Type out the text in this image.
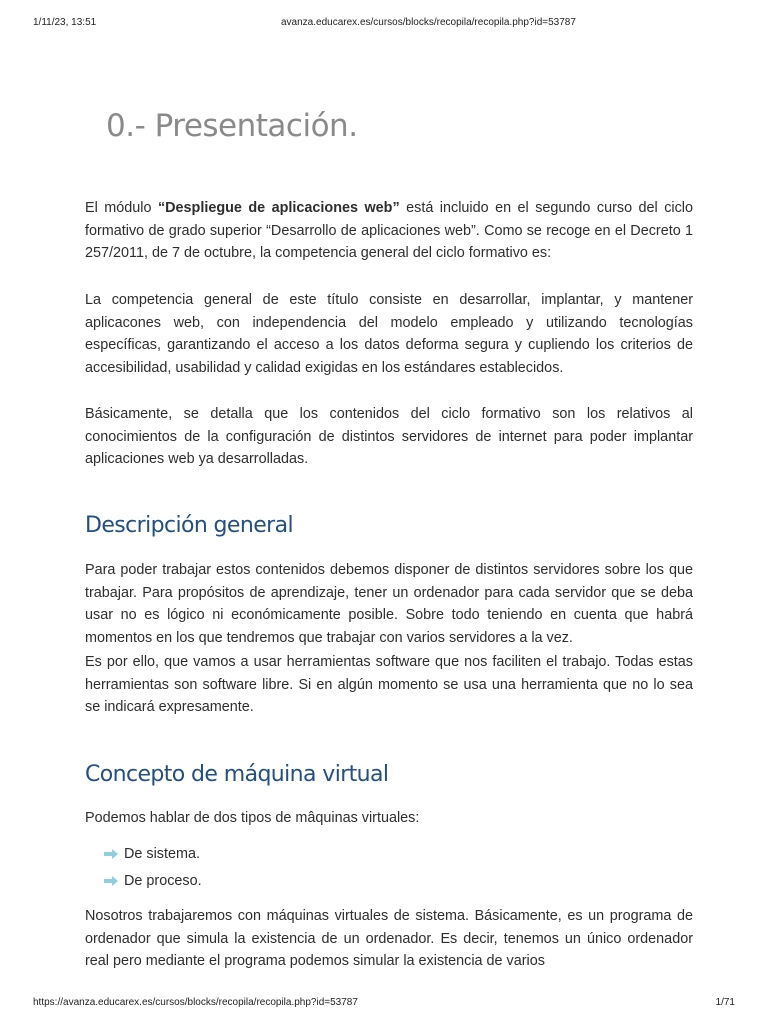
1/11/23, 13:51	avanza.educarex.es/cursos/blocks/recopila/recopila.php?id=53787
0.- Presentación.

El módulo “Despliegue de aplicaciones web” está incluido en el segundo curso del ciclo formativo de grado superior “Desarrollo de aplicaciones web”. Como se recoge en el Decreto 1 257/2011, de 7 de octubre, la competencia general del ciclo formativo es:

La competencia general de este título consiste en desarrollar, implantar, y mantener aplicacones web, con independencia del modelo empleado y utilizando tecnologías específicas, garantizando el acceso a los datos deforma segura y cupliendo los criterios de accesibilidad, usabilidad y calidad exigidas en los estándares establecidos.

Básicamente, se detalla que los contenidos del ciclo formativo son los relativos al conocimientos de la configuración de distintos servidores de internet para poder implantar aplicaciones web ya desarrolladas.

Descripción general

Para poder trabajar estos contenidos debemos disponer de distintos servidores sobre los que trabajar. Para propósitos de aprendizaje, tener un ordenador para cada servidor que se deba usar no es lógico ni económicamente posible. Sobre todo teniendo en cuenta que habrá momentos en los que tendremos que trabajar con varios servidores a la vez.

Es por ello, que vamos a usar herramientas software que nos faciliten el trabajo. Todas estas herramientas son software libre. Si en algún momento se usa una herramienta que no lo sea se indicará expresamente.

Concepto de máquina virtual

Podemos hablar de dos tipos de mâquinas virtuales:

De sistema.
De proceso.

Nosotros trabajaremos con máquinas virtuales de sistema. Básicamente, es un programa de ordenador que simula la existencia de un ordenador. Es decir, tenemos un único ordenador real pero mediante el programa podemos simular la existencia de varios

https://avanza.educarex.es/cursos/blocks/recopila/recopila.php?id=53787	1/71
